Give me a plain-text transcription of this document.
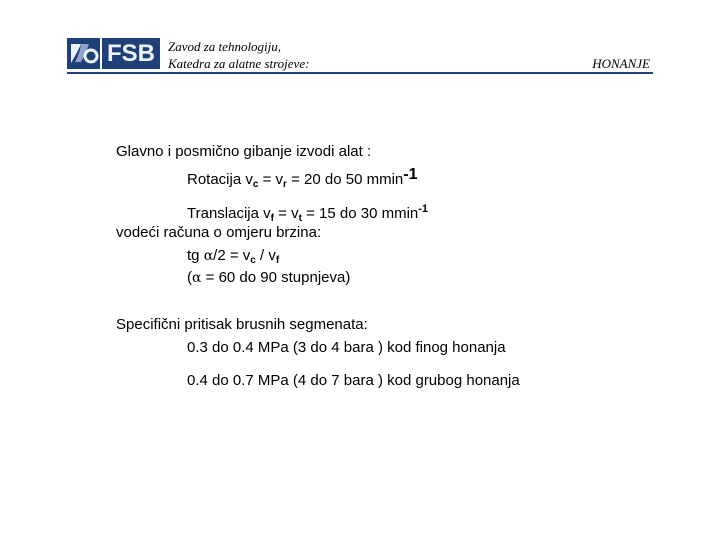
FSB Zavod za tehnologiju,
Katedra za alatne strojeve:	HONANJE
Glavno i posmično gibanje izvodi alat :
Rotacija $v_c = v_r = 20$ do 50 mmin-1
Translacija $v_f = v_t = 15$ do 30 mmin$^{-1}$
vodeći računa o omjeru brzina:
tg $\alpha/2 = v_c / v_f$
(α = 60 do 90 stupnjeva)
Specifični pritisak brusnih segmenata:
0.3 do 0.4 MPa (3 do 4 bara ) kod finog honanja
0.4 do 0.7 MPa (4 do 7 bara ) kod grubog honanja
